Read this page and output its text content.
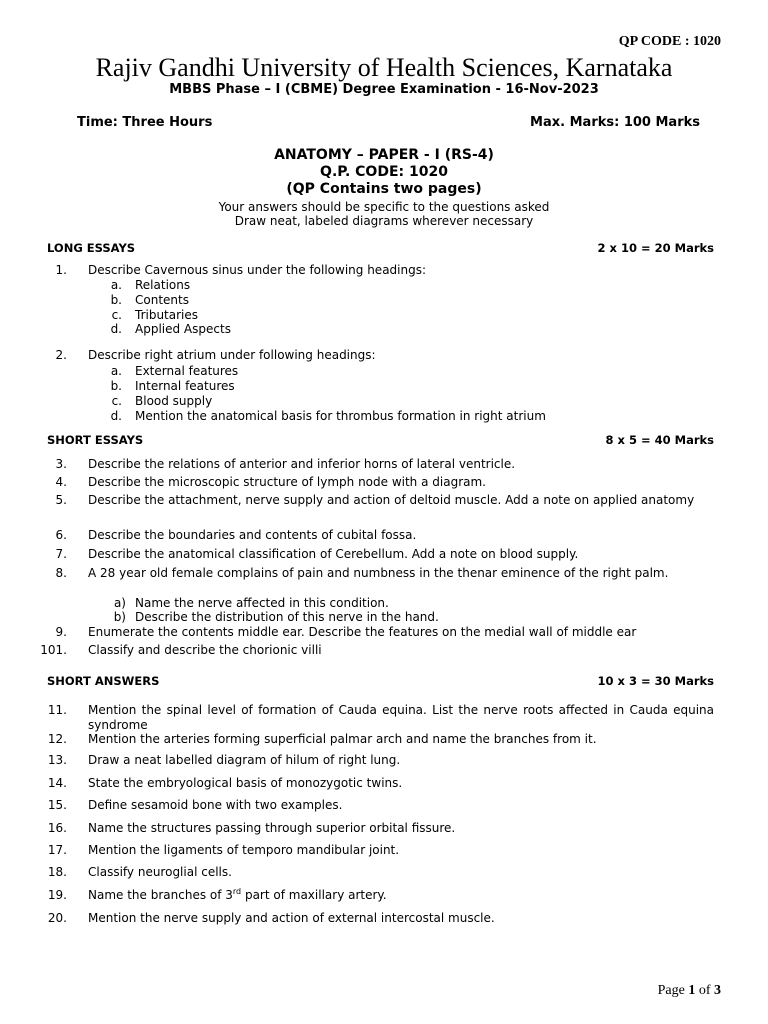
QP CODE : 1020
Rajiv Gandhi University of Health Sciences, Karnataka
MBBS Phase – I (CBME) Degree Examination - 16-Nov-2023
Time: Three Hours	Max. Marks: 100 Marks
ANATOMY – PAPER - I (RS-4)
Q.P. CODE: 1020
(QP Contains two pages)
Your answers should be specific to the questions asked
Draw neat, labeled diagrams wherever necessary
LONG ESSAYS	2 x 10 = 20 Marks
1. Describe Cavernous sinus under the following headings:
a. Relations
b. Contents
c. Tributaries
d. Applied Aspects
2. Describe right atrium under following headings:
a. External features
b. Internal features
c. Blood supply
d. Mention the anatomical basis for thrombus formation in right atrium
SHORT ESSAYS	8 x 5 = 40 Marks
3. Describe the relations of anterior and inferior horns of lateral ventricle.
4. Describe the microscopic structure of lymph node with a diagram.
5. Describe the attachment, nerve supply and action of deltoid muscle. Add a note on applied anatomy
6. Describe the boundaries and contents of cubital fossa.
7. Describe the anatomical classification of Cerebellum. Add a note on blood supply.
8. A 28 year old female complains of pain and numbness in the thenar eminence of the right palm.
a) Name the nerve affected in this condition.
b) Describe the distribution of this nerve in the hand.
9. Enumerate the contents middle ear. Describe the features on the medial wall of middle ear
101. Classify and describe the chorionic villi
SHORT ANSWERS	10 x 3 = 30 Marks
11. Mention the spinal level of formation of Cauda equina. List the nerve roots affected in Cauda equina syndrome
12. Mention the arteries forming superficial palmar arch and name the branches from it.
13. Draw a neat labelled diagram of hilum of right lung.
14. State the embryological basis of monozygotic twins.
15. Define sesamoid bone with two examples.
16. Name the structures passing through superior orbital fissure.
17. Mention the ligaments of temporo mandibular joint.
18. Classify neuroglial cells.
19. Name the branches of 3rd part of maxillary artery.
20. Mention the nerve supply and action of external intercostal muscle.
Page 1 of 3
